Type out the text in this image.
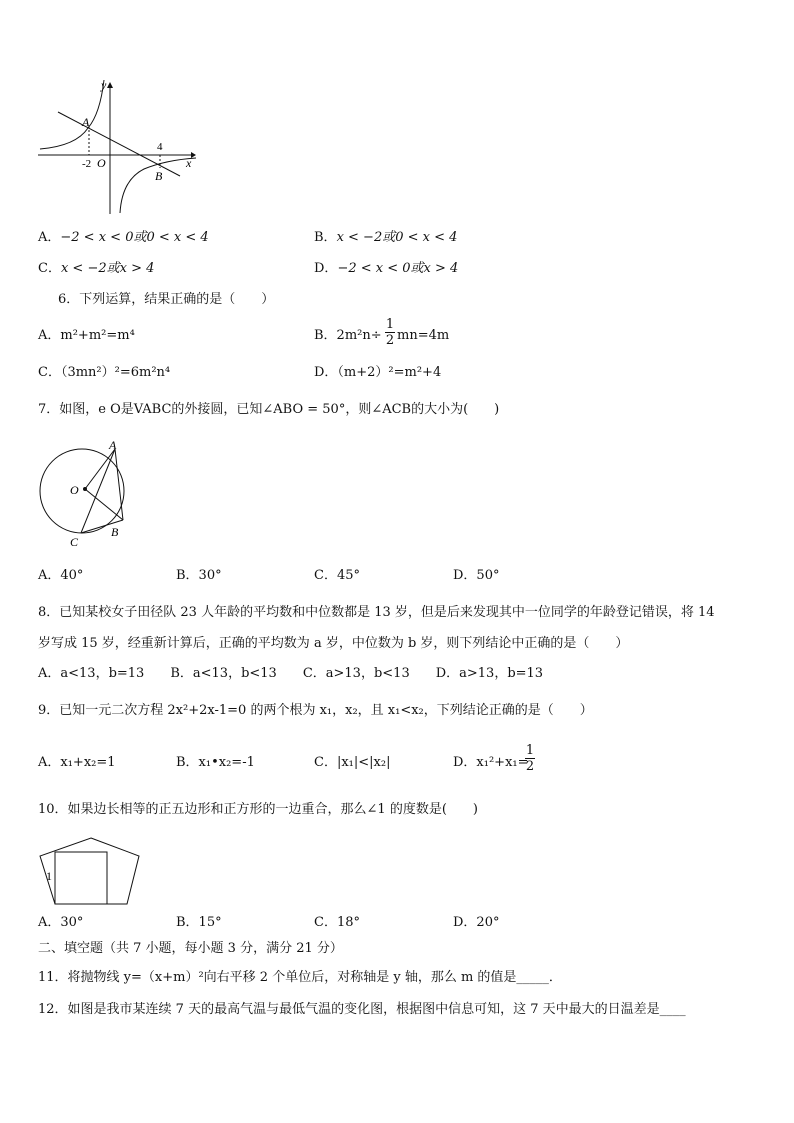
y
x
A
B
O
-2
4
A．−2 < x < 0或0 < x < 4	B．x < −2或0 < x < 4
C．x < −2或x > 4	D．−2 < x < 0或x > 4
6．下列运算，结果正确的是（　　）
A．m²+m²=m⁴	B．2m²n÷
1
2 mn=4m
C．（3mn²）²=6m²n⁴	D．（m+2）²=m²+4
7．如图，e O是VABC的外接圆，已知∠ABO = 50°，则∠ACB的大小为(　　)
A
B
C
O
A．40°	B．30°	C．45°	D．50°
8．已知某校女子田径队 23 人年龄的平均数和中位数都是 13 岁，但是后来发现其中一位同学的年龄登记错误，将 14
岁写成 15 岁，经重新计算后，正确的平均数为 a 岁，中位数为 b 岁，则下列结论中正确的是（　　）
A．a<13，b=13　　B．a<13，b<13　　C．a>13，b<13　　D．a>13，b=13
9．已知一元二次方程 2x²+2x-1=0 的两个根为 x₁，x₂，且 x₁<x₂，下列结论正确的是（　　）
A．x₁+x₂=1	B．x₁•x₂=-1	C．|x₁|<|x₂|	D．x₁²+x₁=
1
2
10．如果边长相等的正五边形和正方形的一边重合，那么∠1 的度数是(　　)
1
A．30°	B．15°	C．18°	D．20°
二、填空题（共 7 小题，每小题 3 分，满分 21 分）
11．将抛物线 y=（x+m）²向右平移 2 个单位后，对称轴是 y 轴，那么 m 的值是_____．
12．如图是我市某连续 7 天的最高气温与最低气温的变化图，根据图中信息可知，这 7 天中最大的日温差是____
